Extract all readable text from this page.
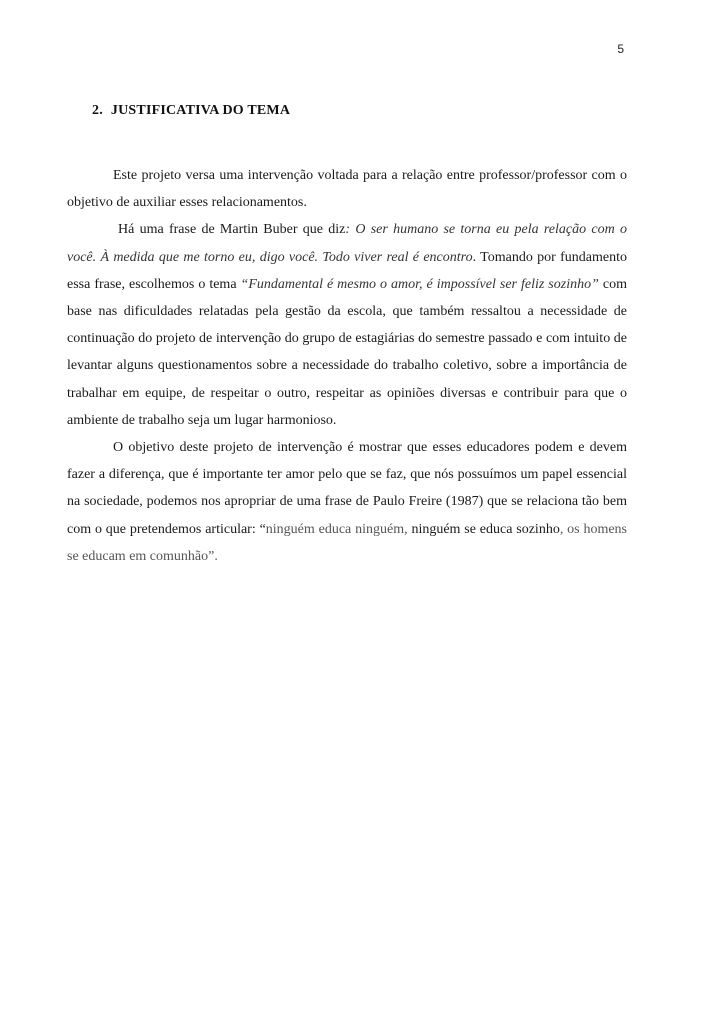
5
2. JUSTIFICATIVA DO TEMA

Este projeto versa uma intervenção voltada para a relação entre professor/professor com o objetivo de auxiliar esses relacionamentos.

Há uma frase de Martin Buber que diz: O ser humano se torna eu pela relação com o você. À medida que me torno eu, digo você. Todo viver real é encontro. Tomando por fundamento essa frase, escolhemos o tema “Fundamental é mesmo o amor, é impossível ser feliz sozinho” com base nas dificuldades relatadas pela gestão da escola, que também ressaltou a necessidade de continuação do projeto de intervenção do grupo de estagiárias do semestre passado e com intuito de levantar alguns questionamentos sobre a necessidade do trabalho coletivo, sobre a importância de trabalhar em equipe, de respeitar o outro, respeitar as opiniões diversas e contribuir para que o ambiente de trabalho seja um lugar harmonioso.

O objetivo deste projeto de intervenção é mostrar que esses educadores podem e devem fazer a diferença, que é importante ter amor pelo que se faz, que nós possuímos um papel essencial na sociedade, podemos nos apropriar de uma frase de Paulo Freire (1987) que se relaciona tão bem com o que pretendemos articular: “ninguém educa ninguém, ninguém se educa sozinho, os homens se educam em comunhão”.
